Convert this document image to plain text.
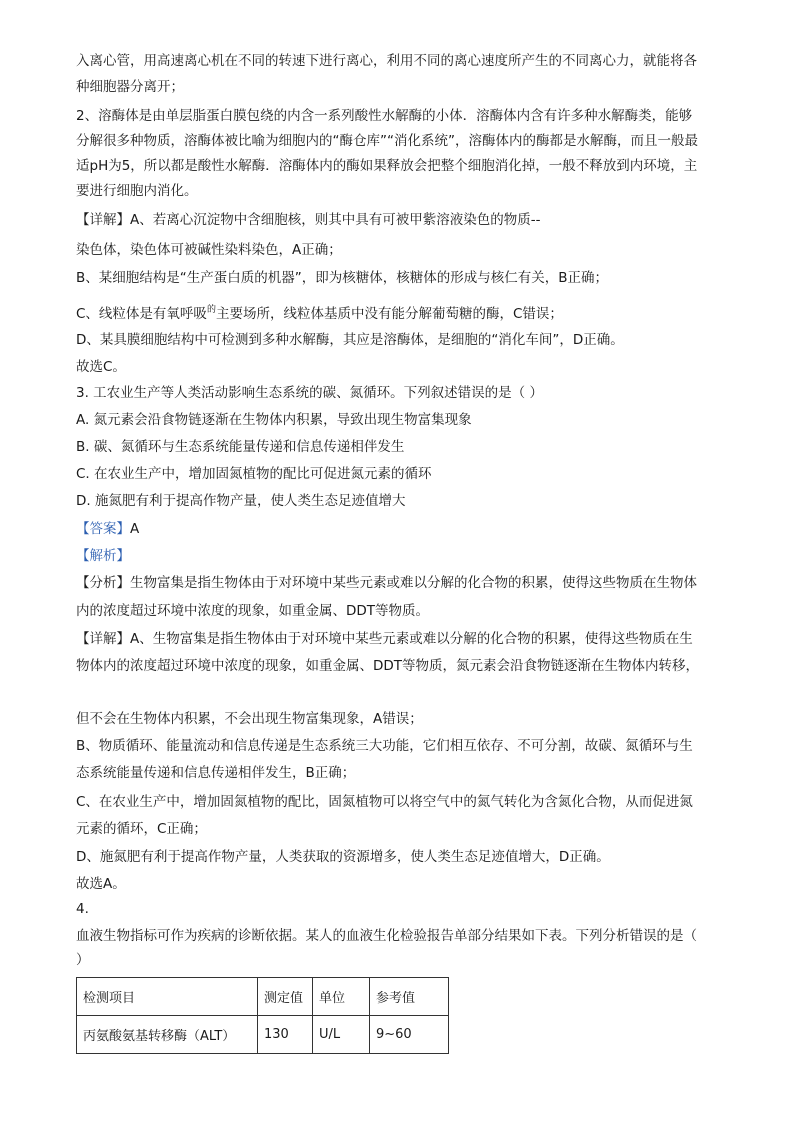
入离心管，用高速离心机在不同的转速下进行离心，利用不同的离心速度所产生的不同离心力，就能将各
种细胞器分离开；
2、溶酶体是由单层脂蛋白膜包绕的内含一系列酸性水解酶的小体．溶酶体内含有许多种水解酶类，能够
分解很多种物质，溶酶体被比喻为细胞内的“酶仓库”“消化系统”，溶酶体内的酶都是水解酶，而且一般最
适pH为5，所以都是酸性水解酶．溶酶体内的酶如果释放会把整个细胞消化掉，一般不释放到内环境，主
要进行细胞内消化。
【详解】A、若离心沉淀物中含细胞核，则其中具有可被甲紫溶液染色的物质--
染色体，染色体可被碱性染料染色，A正确；
B、某细胞结构是“生产蛋白质的机器”，即为核糖体，核糖体的形成与核仁有关，B正确；
C、线粒体是有氧呼吸$^的$主要场所，线粒体基质中没有能分解葡萄糖的酶，C错误；
D、某具膜细胞结构中可检测到多种水解酶，其应是溶酶体，是细胞的“消化车间”，D正确。
故选C。
3. 工农业生产等人类活动影响生态系统的碳、氮循环。下列叙述错误的是（ ）
A. 氮元素会沿食物链逐渐在生物体内积累，导致出现生物富集现象
B. 碳、氮循环与生态系统能量传递和信息传递相伴发生
C. 在农业生产中，增加固氮植物的配比可促进氮元素的循环
D. 施氮肥有利于提高作物产量，使人类生态足迹值增大
【答案】A
【解析】
【分析】生物富集是指生物体由于对环境中某些元素或难以分解的化合物的积累，使得这些物质在生物体
内的浓度超过环境中浓度的现象，如重金属、DDT等物质。
【详解】A、生物富集是指生物体由于对环境中某些元素或难以分解的化合物的积累，使得这些物质在生
物体内的浓度超过环境中浓度的现象，如重金属、DDT等物质，氮元素会沿食物链逐渐在生物体内转移，
但不会在生物体内积累，不会出现生物富集现象，A错误；
B、物质循环、能量流动和信息传递是生态系统三大功能，它们相互依存、不可分割，故碳、氮循环与生
态系统能量传递和信息传递相伴发生，B正确；
C、在农业生产中，增加固氮植物的配比，固氮植物可以将空气中的氮气转化为含氮化合物，从而促进氮
元素的循环，C正确；
D、施氮肥有利于提高作物产量，人类获取的资源增多，使人类生态足迹值增大，D正确。
故选A。
4.
血液生物指标可作为疾病的诊断依据。某人的血液生化检验报告单部分结果如下表。下列分析错误的是（
）
检测项目	测定值	单位	参考值
丙氨酸氨基转移酶（ALT）	130	U/L	9~60
